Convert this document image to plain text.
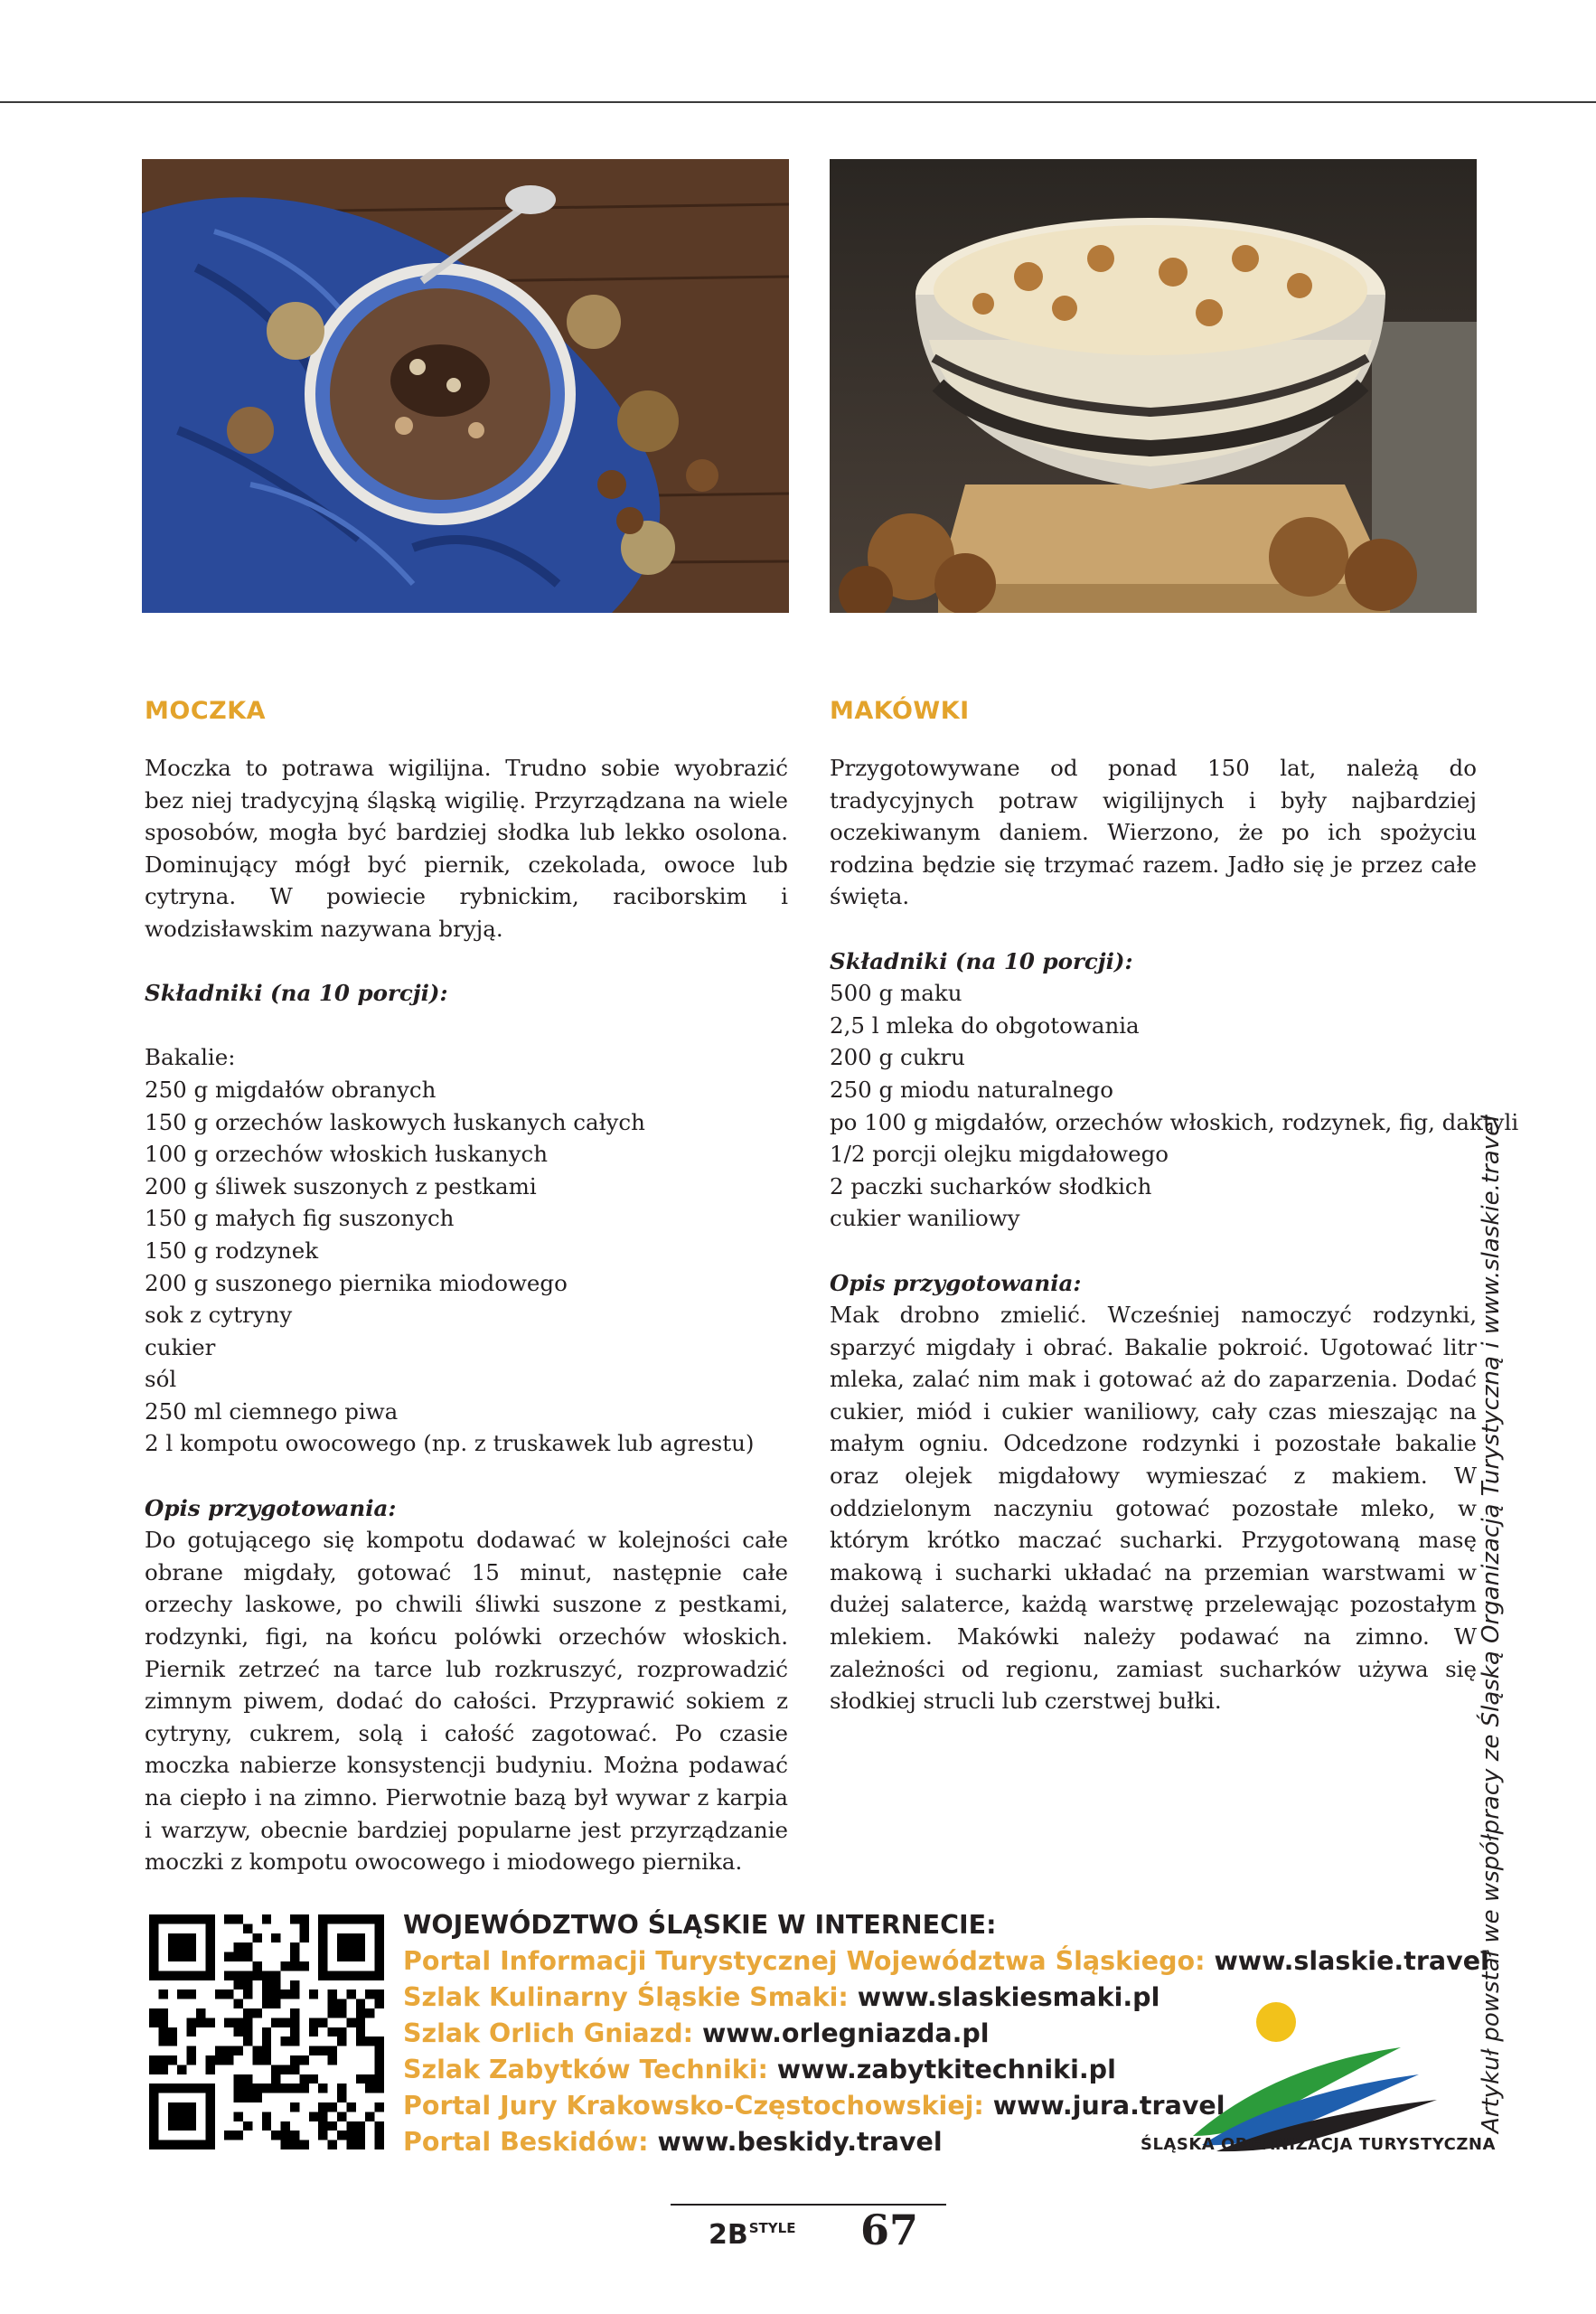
MOCZKA

Moczka to potrawa wigilijna. Trudno sobie wyobrazić bez niej tradycyjną śląską wigilię. Przyrządzana na wiele sposobów, mogła być bardziej słodka lub lekko osolona. Dominujący mógł być piernik, czekolada, owoce lub cytryna. W powiecie rybnickim, raciborskim i wodzisławskim nazywana bryją.

Składniki (na 10 porcji):
Bakalie:
250 g migdałów obranych
150 g orzechów laskowych łuskanych całych
100 g orzechów włoskich łuskanych
200 g śliwek suszonych z pestkami
150 g małych fig suszonych
150 g rodzynek
200 g suszonego piernika miodowego
sok z cytryny
cukier
sól
250 ml ciemnego piwa
2 l kompotu owocowego (np. z truskawek lub agrestu)
Opis przygotowania:

Do gotującego się kompotu dodawać w kolejności całe obrane migdały, gotować 15 minut, następnie całe orzechy laskowe, po chwili śliwki suszone z pestkami, rodzynki, figi, na końcu polówki orzechów włoskich. Piernik zetrzeć na tarce lub rozkruszyć, rozprowadzić zimnym piwem, dodać do całości. Przyprawić sokiem z cytryny, cukrem, solą i całość zagotować. Po czasie moczka nabierze konsystencji budyniu. Można podawać na ciepło i na zimno. Pierwotnie bazą był wywar z karpia i warzyw, obecnie bardziej popularne jest przyrządzanie moczki z kompotu owocowego i miodowego piernika.

MAKÓWKI

Przygotowywane od ponad 150 lat, należą do tradycyjnych potraw wigilijnych i były najbardziej oczekiwanym daniem. Wierzono, że po ich spożyciu rodzina będzie się trzymać razem. Jadło się je przez całe święta.

Składniki (na 10 porcji):
500 g maku
2,5 l mleka do obgotowania
200 g cukru
250 g miodu naturalnego
po 100 g migdałów, orzechów włoskich, rodzynek, fig, daktyli
1/2 porcji olejku migdałowego
2 paczki sucharków słodkich
cukier waniliowy
Opis przygotowania:

Mak drobno zmielić. Wcześniej namoczyć rodzynki, sparzyć migdały i obrać. Bakalie pokroić. Ugotować litr mleka, zalać nim mak i gotować aż do zaparzenia. Dodać cukier, miód i cukier waniliowy, cały czas mieszając na małym ogniu. Odcedzone rodzynki i pozostałe bakalie oraz olejek migdałowy wymieszać z makiem. W oddzielonym naczyniu gotować pozostałe mleko, w którym krótko maczać sucharki. Przygotowaną masę makową i sucharki układać na przemian warstwami w dużej salaterce, każdą warstwę przelewając pozostałym mlekiem. Makówki należy podawać na zimno. W zależności od regionu, zamiast sucharków używa się słodkiej strucli lub czerstwej bułki.	Artykuł powstał we współpracy ze Śląską Organizacją Turystyczną i www.slaskie.travel
WOJEWÓDZTWO ŚLĄSKIE W INTERNECIE:
Portal Informacji Turystycznej Województwa Śląskiego: www.slaskie.travel
Szlak Kulinarny Śląskie Smaki: www.slaskiesmaki.pl
Szlak Orlich Gniazd: www.orlegniazda.pl
Szlak Zabytków Techniki: www.zabytkitechniki.pl
Portal Jury Krakowsko-Częstochowskiej: www.jura.travel
Portal Beskidów: www.beskidy.travel	ŚLĄSKA ORGANIZACJA TURYSTYCZNA
$2B^{STYLE}$ 67
